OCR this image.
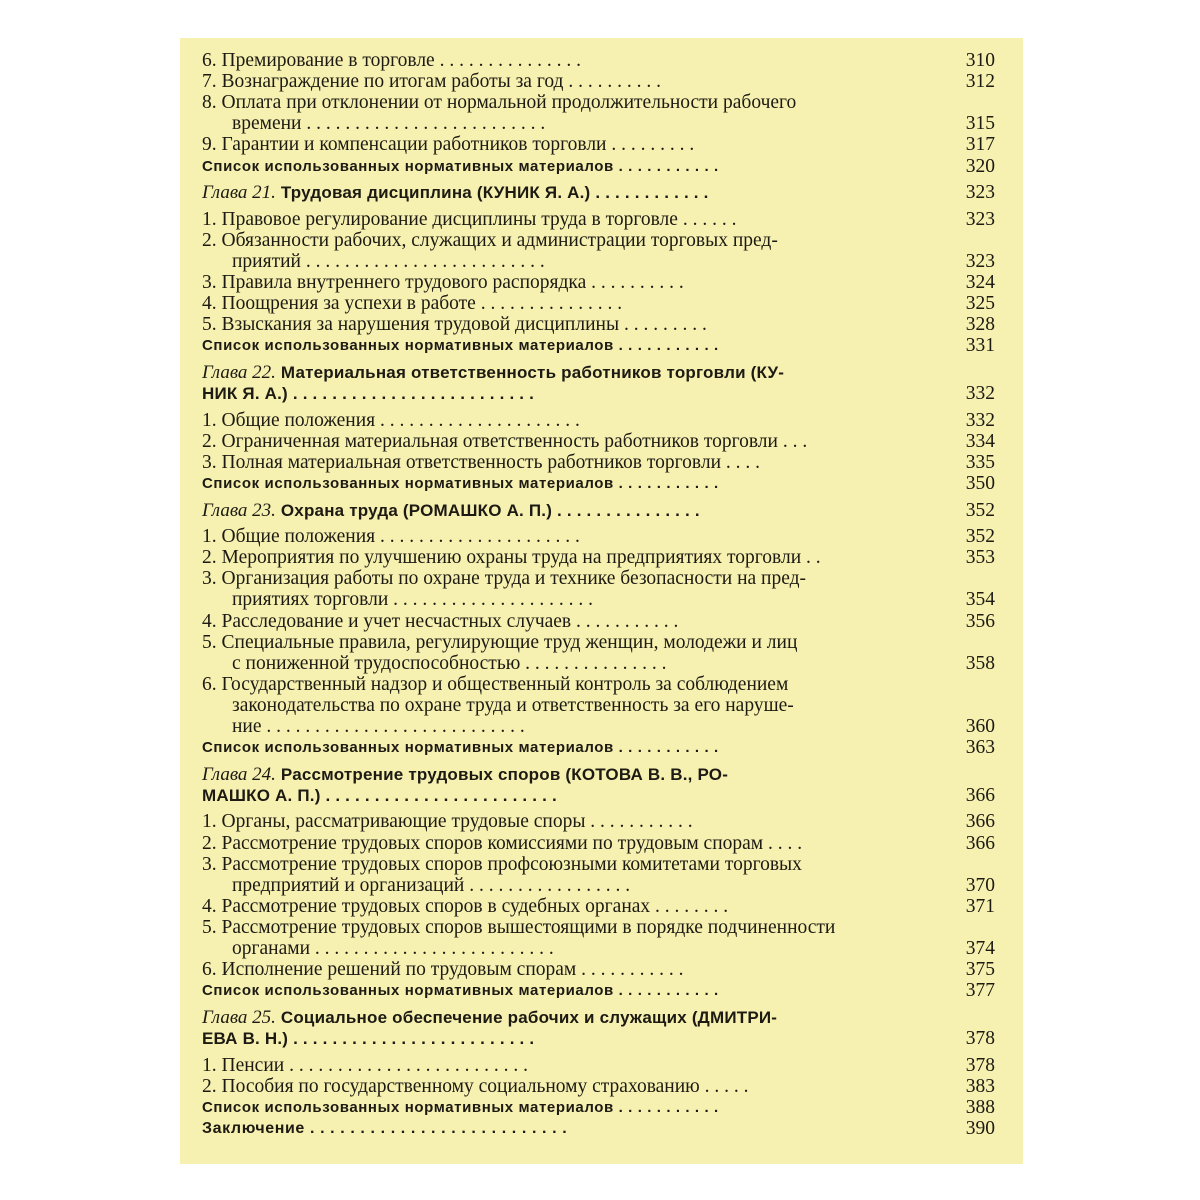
6. Премирование в торговле . . . . . . . . . . . . . . .	310
7. Вознаграждение по итогам работы за год . . . . . . . . . .	312
8. Оплата при отклонении от нормальной продолжительности рабочего
времени . . . . . . . . . . . . . . . . . . . . . . . . .	315
9. Гарантии и компенсации работников торговли . . . . . . . . .	317
Список использованных нормативных материалов . . . . . . . . . . .	320
Глава 21. Трудовая дисциплина (КУНИК Я. А.) . . . . . . . . . . . .	323
1. Правовое регулирование дисциплины труда в торговле . . . . . .	323
2. Обязанности рабочих, служащих и администрации торговых пред-
приятий . . . . . . . . . . . . . . . . . . . . . . . . .	323
3. Правила внутреннего трудового распорядка . . . . . . . . . .	324
4. Поощрения за успехи в работе . . . . . . . . . . . . . . .	325
5. Взыскания за нарушения трудовой дисциплины . . . . . . . . .	328
Список использованных нормативных материалов . . . . . . . . . . .	331
Глава 22. Материальная ответственность работников торговли (КУ-
НИК Я. А.) . . . . . . . . . . . . . . . . . . . . . . . . .	332
1. Общие положения . . . . . . . . . . . . . . . . . . . . .	332
2. Ограниченная материальная ответственность работников торговли . . .	334
3. Полная материальная ответственность работников торговли . . . .	335
Список использованных нормативных материалов . . . . . . . . . . .	350
Глава 23. Охрана труда (РОМАШКО А. П.) . . . . . . . . . . . . . . .	352
1. Общие положения . . . . . . . . . . . . . . . . . . . . .	352
2. Мероприятия по улучшению охраны труда на предприятиях торговли . .	353
3. Организация работы по охране труда и технике безопасности на пред-
приятиях торговли . . . . . . . . . . . . . . . . . . . . .	354
4. Расследование и учет несчастных случаев . . . . . . . . . . .	356
5. Специальные правила, регулирующие труд женщин, молодежи и лиц
с пониженной трудоспособностью . . . . . . . . . . . . . . .	358
6. Государственный надзор и общественный контроль за соблюдением
законодательства по охране труда и ответственность за его наруше-
ние . . . . . . . . . . . . . . . . . . . . . . . . . . .	360
Список использованных нормативных материалов . . . . . . . . . . .	363
Глава 24. Рассмотрение трудовых споров (КОТОВА В. В., РО-
МАШКО А. П.) . . . . . . . . . . . . . . . . . . . . . . . .	366
1. Органы, рассматривающие трудовые споры . . . . . . . . . . .	366
2. Рассмотрение трудовых споров комиссиями по трудовым спорам . . . .	366
3. Рассмотрение трудовых споров профсоюзными комитетами торговых
предприятий и организаций . . . . . . . . . . . . . . . . .	370
4. Рассмотрение трудовых споров в судебных органах . . . . . . . .	371
5. Рассмотрение трудовых споров вышестоящими в порядке подчиненности
органами . . . . . . . . . . . . . . . . . . . . . . . . .	374
6. Исполнение решений по трудовым спорам . . . . . . . . . . .	375
Список использованных нормативных материалов . . . . . . . . . . .	377
Глава 25. Социальное обеспечение рабочих и служащих (ДМИТРИ-
ЕВА В. Н.) . . . . . . . . . . . . . . . . . . . . . . . . .	378
1. Пенсии . . . . . . . . . . . . . . . . . . . . . . . . .	378
2. Пособия по государственному социальному страхованию . . . . .	383
Список использованных нормативных материалов . . . . . . . . . . .	388
Заключение . . . . . . . . . . . . . . . . . . . . . . . . . .	390
